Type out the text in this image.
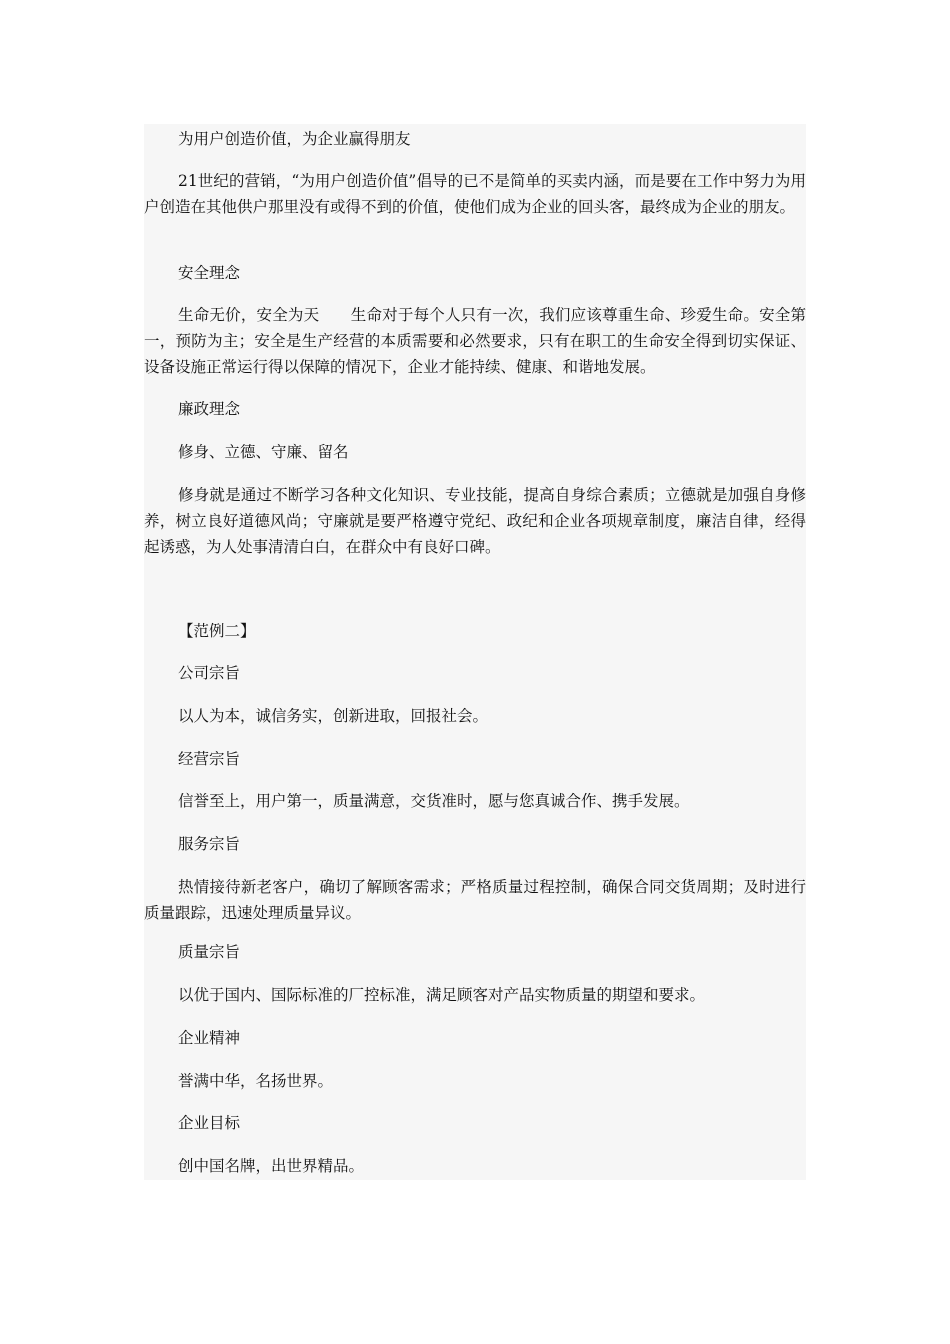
为用户创造价值，为企业赢得朋友

21世纪的营销，“为用户创造价值”倡导的已不是简单的买卖内涵，而是要在工作中努力为用户创造在其他供户那里没有或得不到的价值，使他们成为企业的回头客，最终成为企业的朋友。

安全理念

生命无价，安全为天　　生命对于每个人只有一次，我们应该尊重生命、珍爱生命。安全第一，预防为主；安全是生产经营的本质需要和必然要求，只有在职工的生命安全得到切实保证、设备设施正常运行得以保障的情况下，企业才能持续、健康、和谐地发展。

廉政理念

修身、立德、守廉、留名

修身就是通过不断学习各种文化知识、专业技能，提高自身综合素质；立德就是加强自身修养，树立良好道德风尚；守廉就是要严格遵守党纪、政纪和企业各项规章制度，廉洁自律，经得起诱惑，为人处事清清白白，在群众中有良好口碑。

【范例二】

公司宗旨

以人为本，诚信务实，创新进取，回报社会。

经营宗旨

信誉至上，用户第一，质量满意，交货准时，愿与您真诚合作、携手发展。

服务宗旨

热情接待新老客户，确切了解顾客需求；严格质量过程控制，确保合同交货周期；及时进行质量跟踪，迅速处理质量异议。

质量宗旨

以优于国内、国际标准的厂控标准，满足顾客对产品实物质量的期望和要求。

企业精神

誉满中华，名扬世界。

企业目标

创中国名牌，出世界精品。
